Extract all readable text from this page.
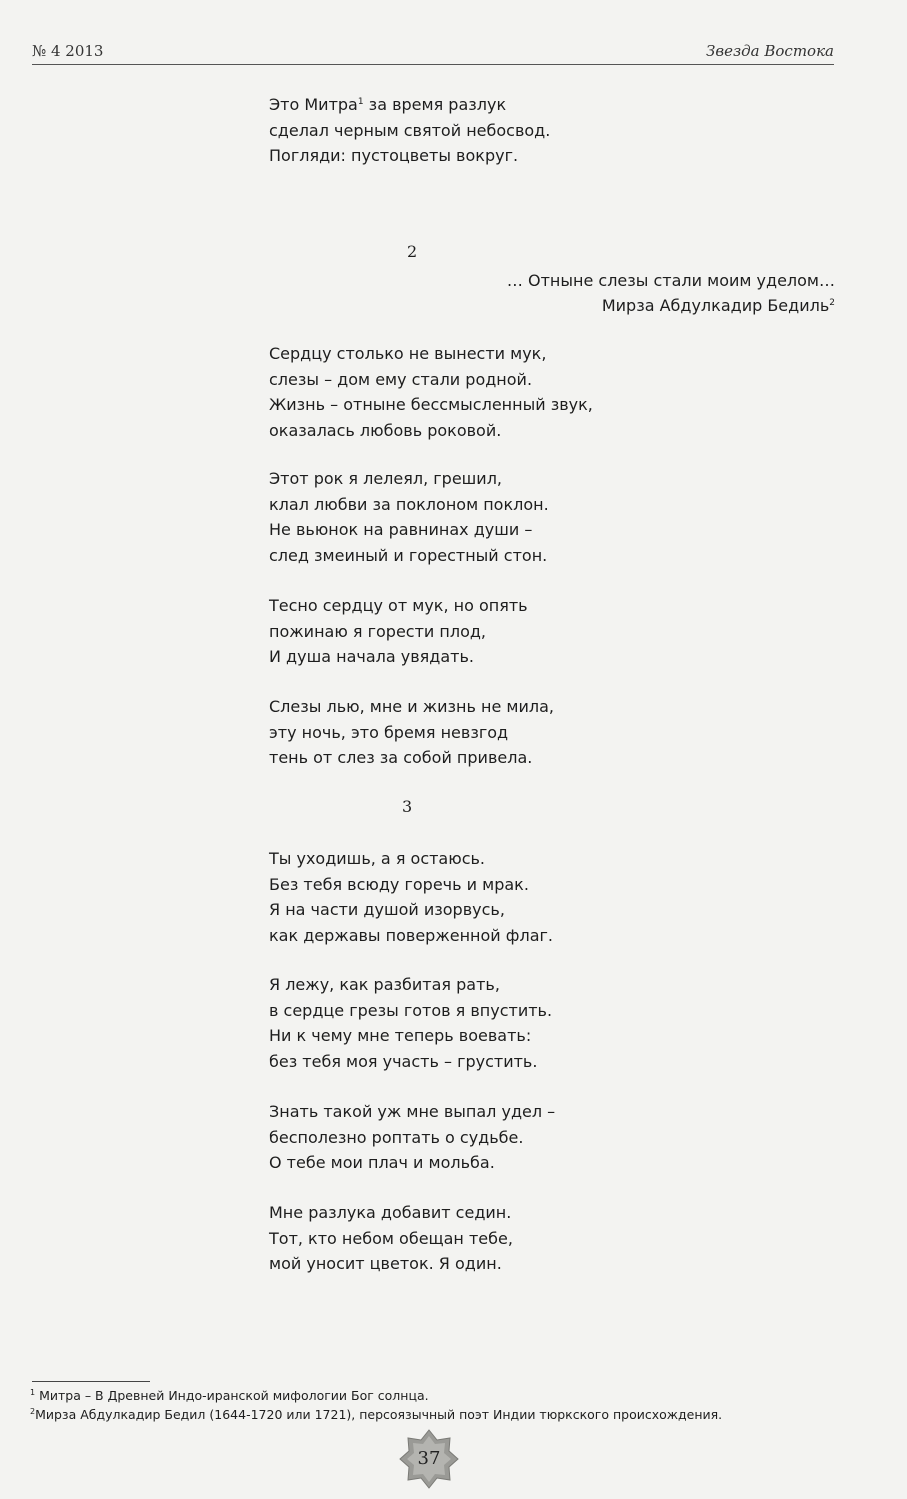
№ 4 2013	Звезда Востока
Это Митра$^1$ за время разлук
сделал черным святой небосвод.
Погляди: пустоцветы вокруг.
2
… Отныне слезы стали моим уделом…
Мирза Абдулкадир Бедиль$^2$
Сердцу столько не вынести мук,
слезы – дом ему стали родной.
Жизнь – отныне бессмысленный звук,
оказалась любовь роковой.
Этот рок я лелеял, грешил,
клал любви за поклоном поклон.
Не вьюнок на равнинах души –
след змеиный и горестный стон.
Тесно сердцу от мук, но опять
пожинаю я горести плод,
И душа начала увядать.
Слезы лью, мне и жизнь не мила,
эту ночь, это бремя невзгод
тень от слез за собой привела.
3
Ты уходишь, а я остаюсь.
Без тебя всюду горечь и мрак.
Я на части душой изорвусь,
как державы поверженной флаг.
Я лежу, как разбитая рать,
в сердце грезы готов я впустить.
Ни к чему мне теперь воевать:
без тебя моя участь – грустить.
Знать такой уж мне выпал удел –
бесполезно роптать о судьбе.
О тебе мои плач и мольба.
Мне разлука добавит седин.
Тот, кто небом обещан тебе,
мой уносит цветок. Я один.
$^1$ Митра – В Древней Индо-иранской мифологии Бог солнца.
$^2$Мирза Абдулкадир Бедил (1644-1720 или 1721), персоязычный поэт Индии тюркского происхождения.
37
